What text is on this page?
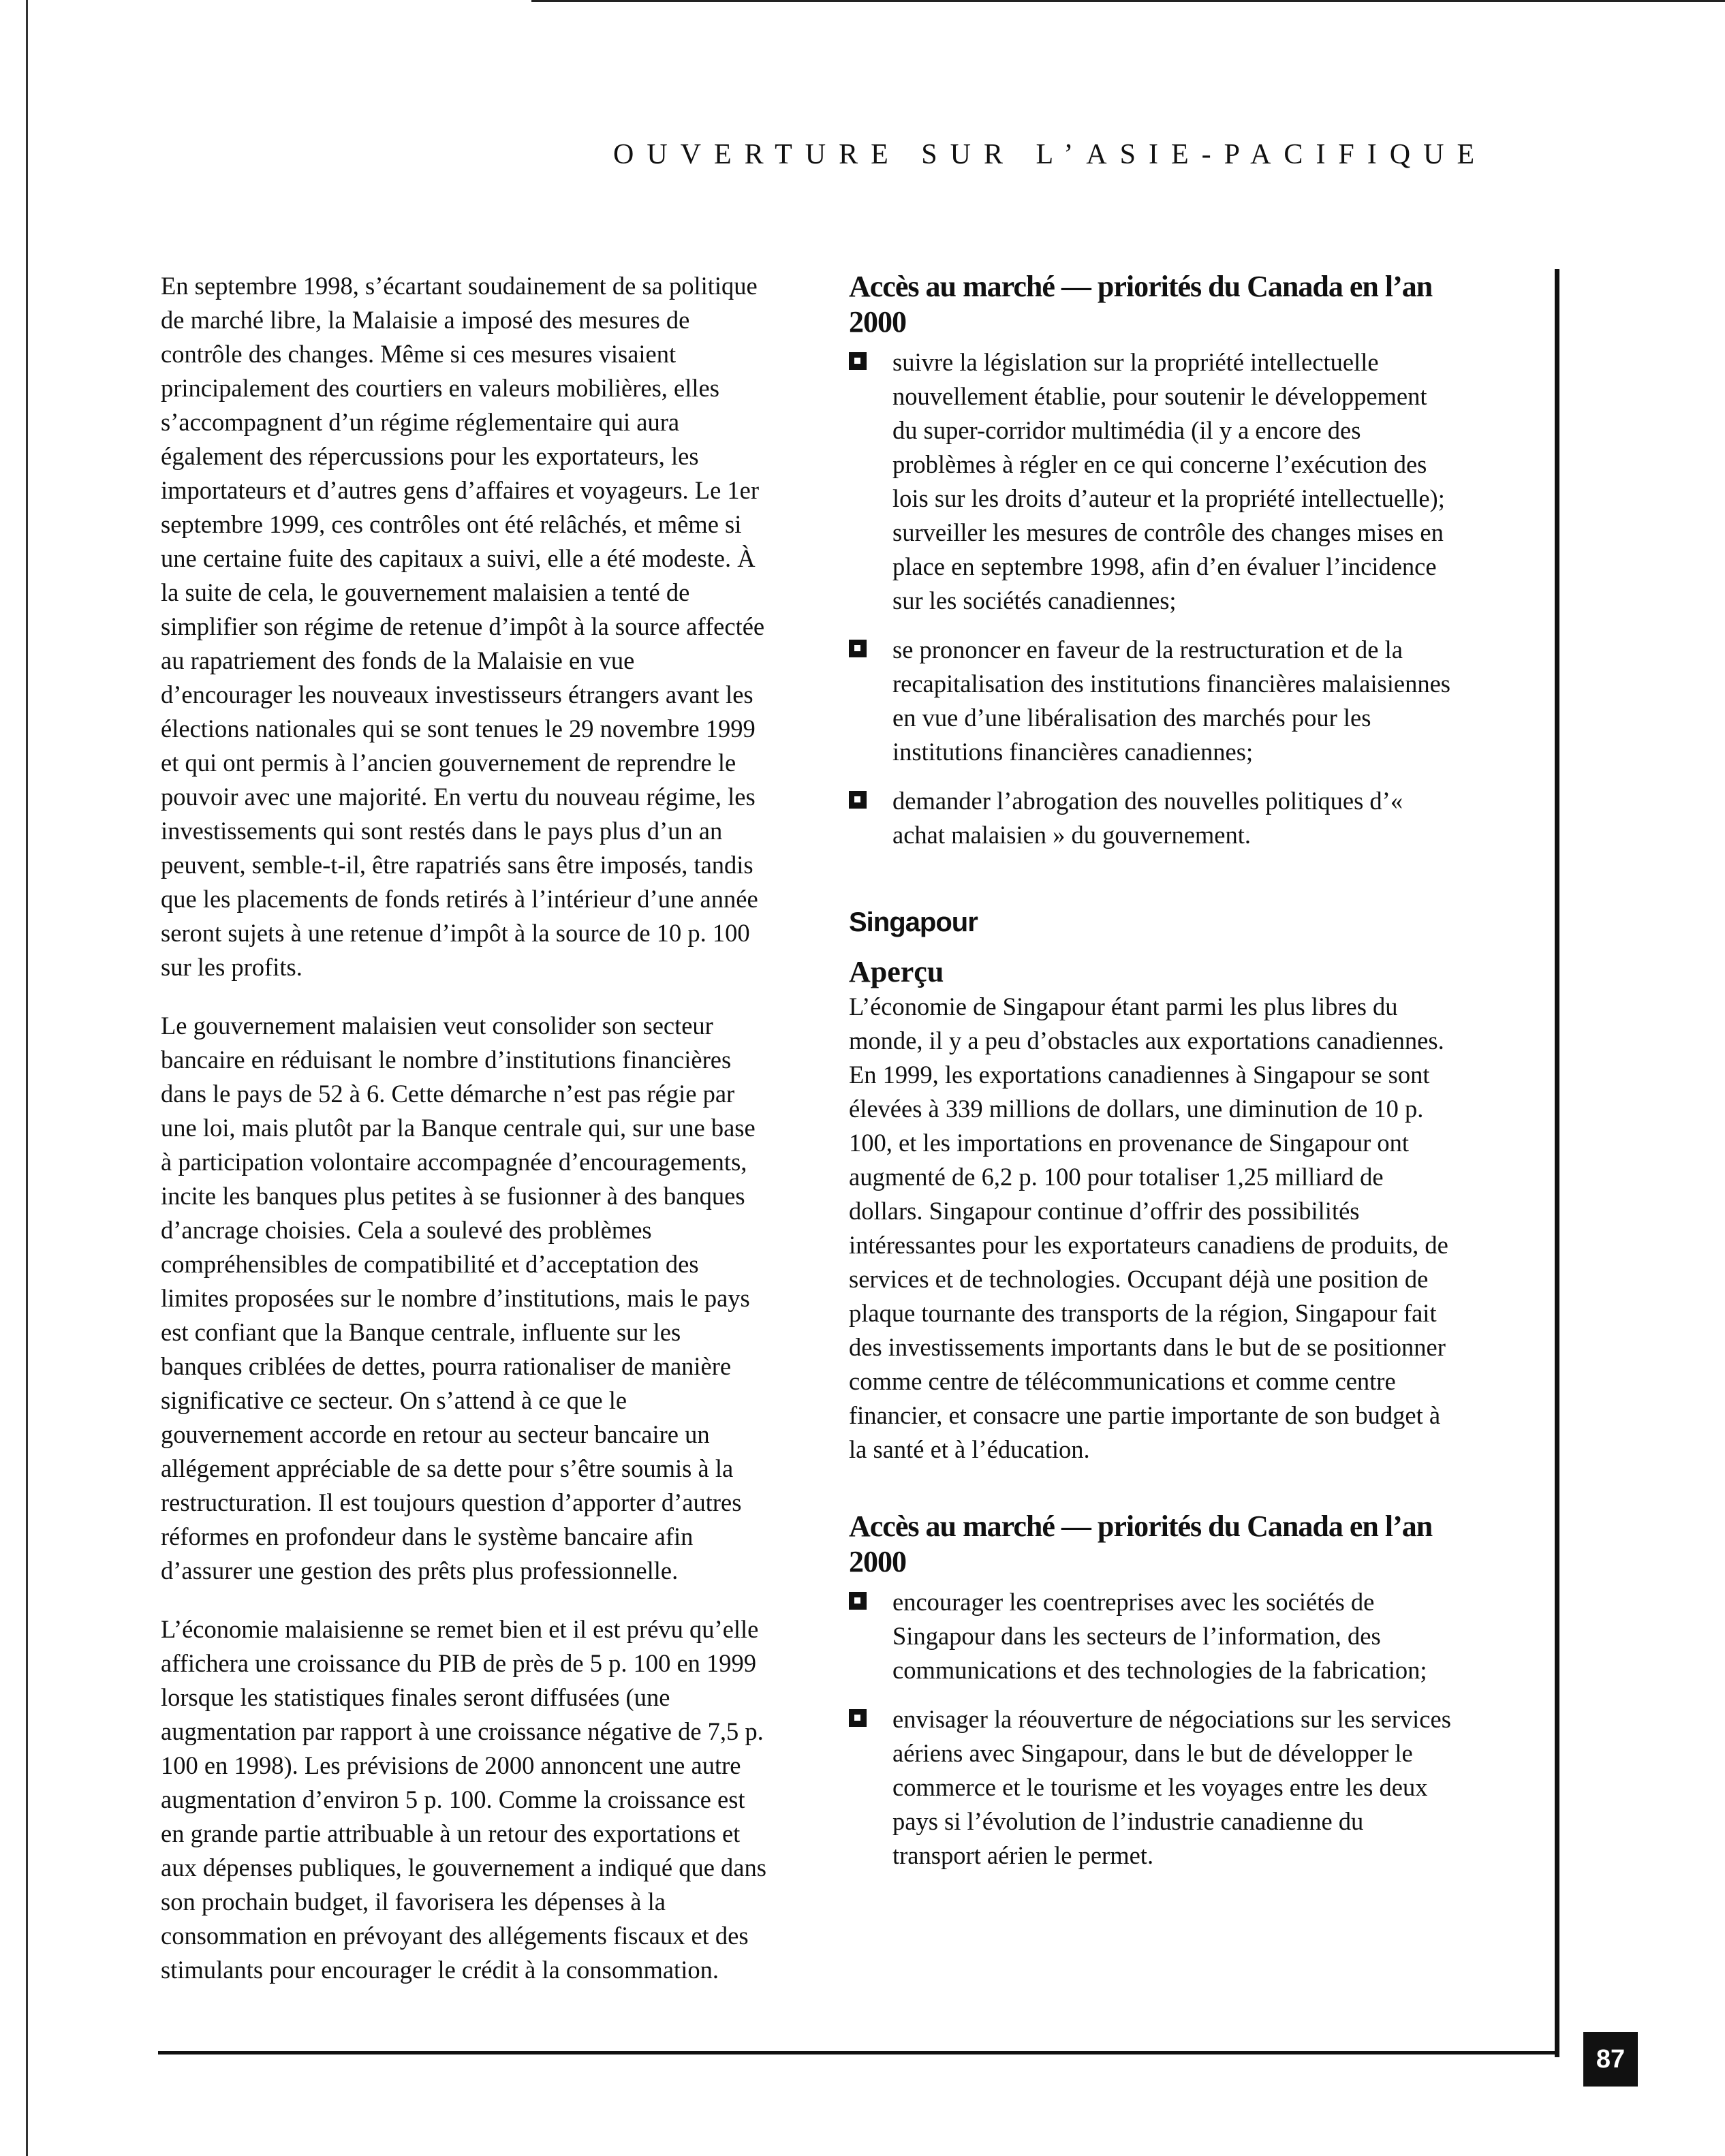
OUVERTURE SUR L’ASIE-PACIFIQUE

En septembre 1998, s’écartant soudainement de sa politique de marché libre, la Malaisie a imposé des mesures de contrôle des changes. Même si ces mesures visaient principalement des courtiers en valeurs mobilières, elles s’accompagnent d’un régime réglementaire qui aura également des répercussions pour les exportateurs, les importateurs et d’autres gens d’affaires et voyageurs. Le 1er septembre 1999, ces contrôles ont été relâchés, et même si une certaine fuite des capitaux a suivi, elle a été modeste. À la suite de cela, le gouvernement malaisien a tenté de simplifier son régime de retenue d’impôt à la source affectée au rapatriement des fonds de la Malaisie en vue d’encourager les nouveaux investisseurs étrangers avant les élections nationales qui se sont tenues le 29 novembre 1999 et qui ont permis à l’ancien gouvernement de reprendre le pouvoir avec une majorité. En vertu du nouveau régime, les investissements qui sont restés dans le pays plus d’un an peuvent, semble-t-il, être rapatriés sans être imposés, tandis que les placements de fonds retirés à l’intérieur d’une année seront sujets à une retenue d’impôt à la source de 10 p. 100 sur les profits.

Le gouvernement malaisien veut consolider son secteur bancaire en réduisant le nombre d’institutions financières dans le pays de 52 à 6. Cette démarche n’est pas régie par une loi, mais plutôt par la Banque centrale qui, sur une base à participation volontaire accompagnée d’encouragements, incite les banques plus petites à se fusionner à des banques d’ancrage choisies. Cela a soulevé des problèmes compréhensibles de compatibilité et d’acceptation des limites proposées sur le nombre d’institutions, mais le pays est confiant que la Banque centrale, influente sur les banques criblées de dettes, pourra rationaliser de manière significative ce secteur. On s’attend à ce que le gouvernement accorde en retour au secteur bancaire un allégement appréciable de sa dette pour s’être soumis à la restructuration. Il est toujours question d’apporter d’autres réformes en profondeur dans le système bancaire afin d’assurer une gestion des prêts plus professionnelle.

L’économie malaisienne se remet bien et il est prévu qu’elle affichera une croissance du PIB de près de 5 p. 100 en 1999 lorsque les statistiques finales seront diffusées (une augmentation par rapport à une croissance négative de 7,5 p. 100 en 1998). Les prévisions de 2000 annoncent une autre augmentation d’environ 5 p. 100. Comme la croissance est en grande partie attribuable à un retour des exportations et aux dépenses publiques, le gouvernement a indiqué que dans son prochain budget, il favorisera les dépenses à la consommation en prévoyant des allégements fiscaux et des stimulants pour encourager le crédit à la consommation.

Accès au marché — priorités du Canada en l’an 2000
suivre la législation sur la propriété intellectuelle nouvellement établie, pour soutenir le développement du super-corridor multimédia (il y a encore des problèmes à régler en ce qui concerne l’exécution des lois sur les droits d’auteur et la propriété intellectuelle); surveiller les mesures de contrôle des changes mises en place en septembre 1998, afin d’en évaluer l’incidence sur les sociétés canadiennes;
se prononcer en faveur de la restructuration et de la recapitalisation des institutions financières malaisiennes en vue d’une libéralisation des marchés pour les institutions financières canadiennes;
demander l’abrogation des nouvelles politiques d’« achat malaisien » du gouvernement.
Singapour
Aperçu

L’économie de Singapour étant parmi les plus libres du monde, il y a peu d’obstacles aux exportations canadiennes. En 1999, les exportations canadiennes à Singapour se sont élevées à 339 millions de dollars, une diminution de 10 p. 100, et les importations en provenance de Singapour ont augmenté de 6,2 p. 100 pour totaliser 1,25 milliard de dollars. Singapour continue d’offrir des possibilités intéressantes pour les exportateurs canadiens de produits, de services et de technologies. Occupant déjà une position de plaque tournante des transports de la région, Singapour fait des investissements importants dans le but de se positionner comme centre de télécommunications et comme centre financier, et consacre une partie importante de son budget à la santé et à l’éducation.

Accès au marché — priorités du Canada en l’an 2000
encourager les coentreprises avec les sociétés de Singapour dans les secteurs de l’information, des communications et des technologies de la fabrication;
envisager la réouverture de négociations sur les services aériens avec Singapour, dans le but de développer le commerce et le tourisme et les voyages entre les deux pays si l’évolution de l’industrie canadienne du transport aérien le permet.
87
